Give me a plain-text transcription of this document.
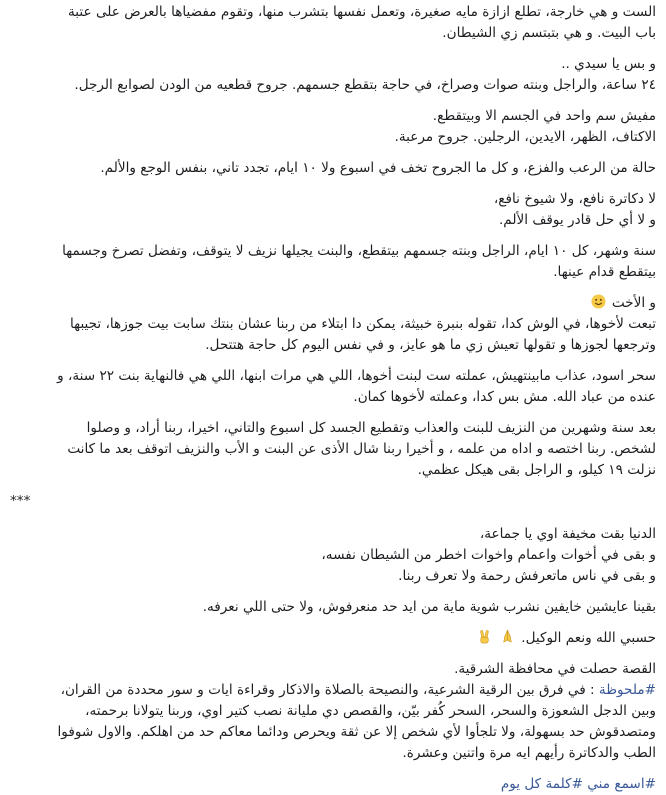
الست و هي خارجة، تطلع ازازة مايه صغيرة، وتعمل نفسها بتشرب منها، وتقوم مفضياها بالعرض على عتبة
باب البيت. و هي بتبتسم زي الشيطان.
و بس يا سيدي ..
٢٤ ساعة، والراجل وبنته صوات وصراخ، في حاجة بتقطع جسمهم. جروح قطعيه من الودن لصوابع الرجل.
مفيش سم واحد في الجسم الا وبيتقطع.
الاكتاف، الظهر، الايدين، الرجلين. جروح مرعبة.
حالة من الرعب والفزع، و كل ما الجروح تخف في اسبوع ولا ١٠ ايام، تجدد تاني، بنفس الوجع والألم.
لا دكاترة نافع، ولا شيوخ نافع،
و لا أي حل قادر يوقف الألم.
سنة وشهر، كل ١٠ ايام، الراجل وبنته جسمهم بيتقطع، والبنت يجيلها نزيف لا يتوقف، وتفضل تصرخ وجسمها
بيتقطع قدام عينها.
و الأخت
تبعت لأخوها، في الوش كدا، تقوله بنبرة خبيثة، يمكن دا ابتلاء من ربنا عشان بنتك سابت بيت جوزها، تجيبها
وترجعها لجوزها و تقولها تعيش زي ما هو عايز، و في نفس اليوم كل حاجة هتتحل.
سحر اسود، عذاب مابينتهيش، عملته ست لبنت أخوها، اللي هي مرات ابنها، اللي هي فالنهاية بنت ٢٢ سنة، و
عنده من عباد الله. مش بس كدا، وعملته لأخوها كمان.
بعد سنة وشهرين من النزيف للبنت والعذاب وتقطيع الجسد كل اسبوع والتاني، اخيرا، ربنا أراد، و وصلوا
لشخص. ربنا اختصه و اداه من علمه ، و أخيرا ربنا شال الأذى عن البنت و الأب والنزيف اتوقف بعد ما كانت
نزلت ١٩ كيلو، و الراجل بقى هيكل عظمي.
***
الدنيا بقت مخيفة اوي يا جماعة،
و بقى في أخوات واعمام واخوات اخطر من الشيطان نفسه،
و بقى في ناس ماتعرفش رحمة ولا تعرف ربنا.
بقينا عايشين خايفين نشرب شوية ماية من ايد حد منعرفوش، ولا حتى اللي نعرفه.
حسبي الله ونعم الوكيل.
القصة حصلت في محافظة الشرقية.
#ملحوظة : في فرق بين الرقية الشرعية، والنصيحة بالصلاة والاذكار وقراءة ايات و سور محددة من القران،
وبين الدجل الشعوزة والسحر، السحر كُفر بيّن، والقصص دي مليانة نصب كتير اوي، وربنا يتولانا برحمته،
ومتصدقوش حد بسهولة، ولا تلجأوا لأي شخص إلا عن ثقة ويحرص ودائما معاكم حد من اهلكم. والاول شوفوا
الطب والدكاترة رأيهم ايه مرة واتنين وعشرة.
#اسمع مني #كلمة كل يوم
